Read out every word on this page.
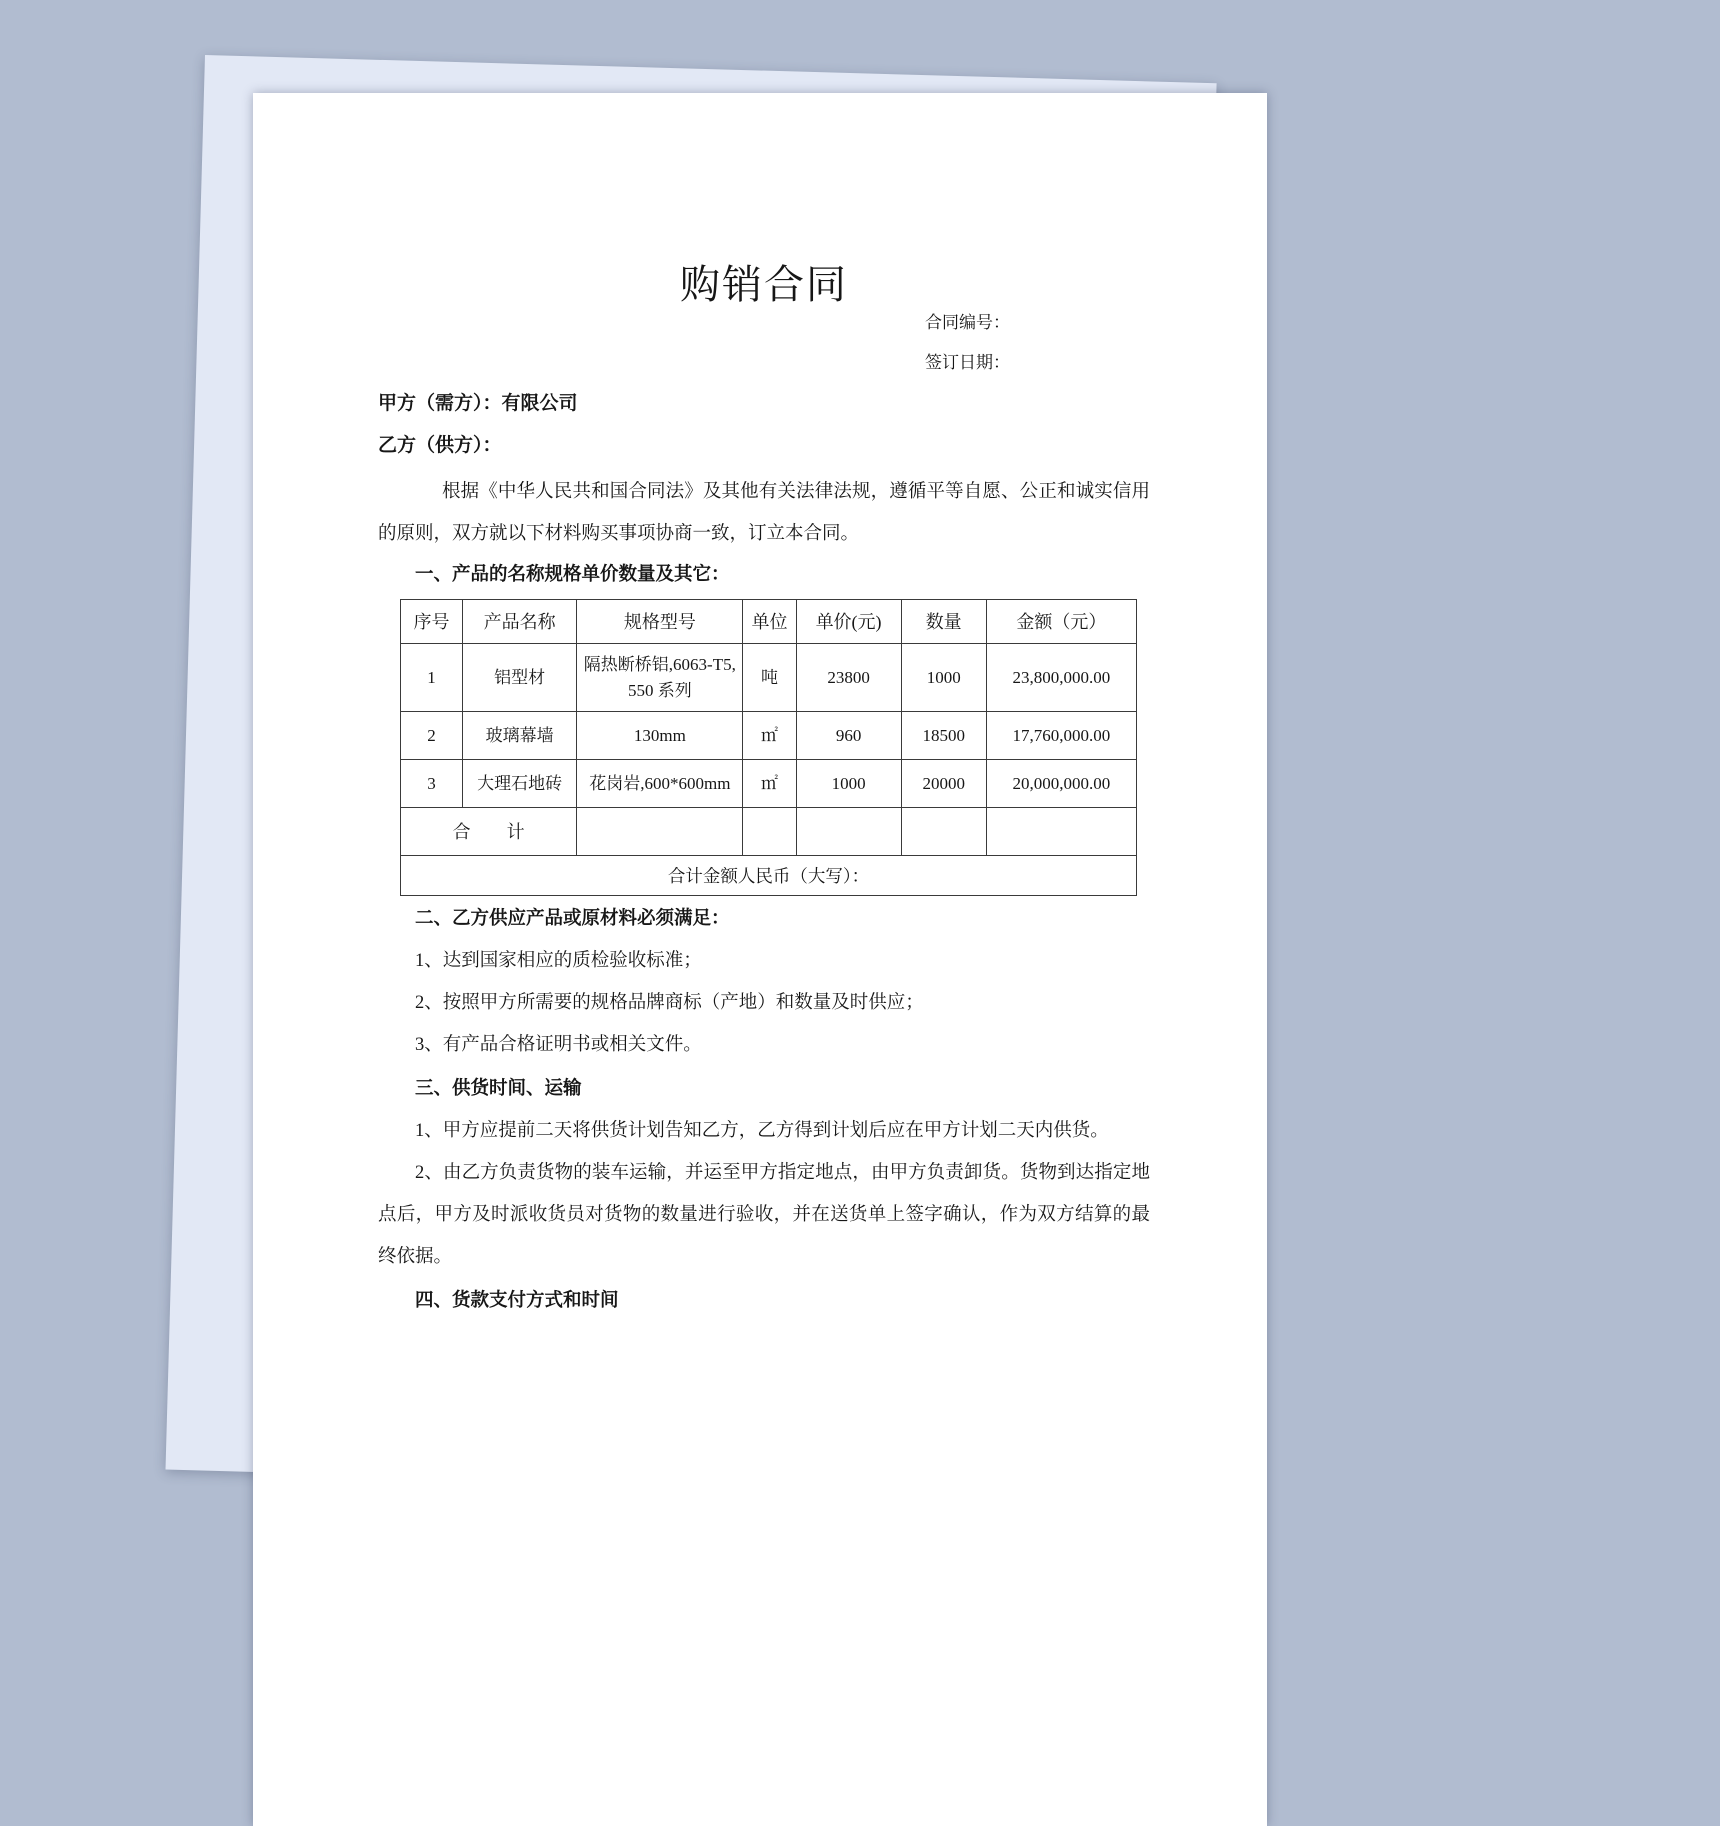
购销合同

合同编号：

签订日期：

甲方（需方）：有限公司

乙方（供方）：

根据《中华人民共和国合同法》及其他有关法律法规，遵循平等自愿、公正和诚实信用的原则，双方就以下材料购买事项协商一致，订立本合同。

一、产品的名称规格单价数量及其它：

序号	产品名称	规格型号	单位	单价(元)	数量	金额（元）
1	铝型材	隔热断桥铝,6063-T5,550 系列	吨	23800	1000	23,800,000.00
2	玻璃幕墙	130mm	㎡	960	18500	17,760,000.00
3	大理石地砖	花岗岩,600*600mm	㎡	1000	20000	20,000,000.00
合　　计						
合计金额人民币（大写）：						

二、乙方供应产品或原材料必须满足：

1、达到国家相应的质检验收标准；

2、按照甲方所需要的规格品牌商标（产地）和数量及时供应；

3、有产品合格证明书或相关文件。

三、供货时间、运输

1、甲方应提前二天将供货计划告知乙方，乙方得到计划后应在甲方计划二天内供货。

2、由乙方负责货物的装车运输，并运至甲方指定地点，由甲方负责卸货。货物到达指定地点后，甲方及时派收货员对货物的数量进行验收，并在送货单上签字确认，作为双方结算的最终依据。

四、货款支付方式和时间
